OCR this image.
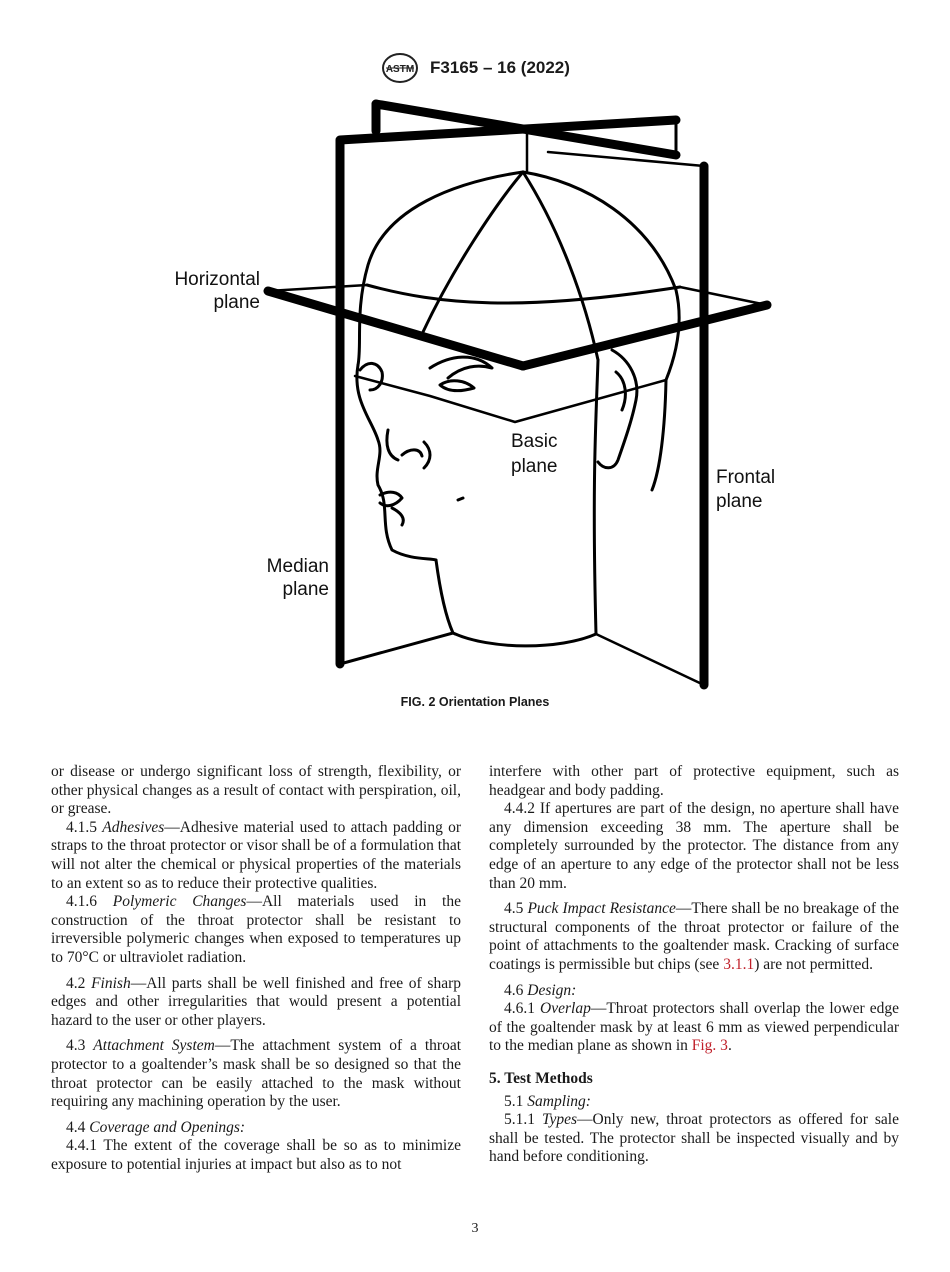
ASTM F3165 – 16 (2022)
Horizontal
plane
Basic
plane
Frontal
plane
Median
plane
FIG. 2 Orientation Planes

or disease or undergo significant loss of strength, flexibility, or other physical changes as a result of contact with perspiration, oil, or grease.

4.1.5 Adhesives—Adhesive material used to attach padding or straps to the throat protector or visor shall be of a formulation that will not alter the chemical or physical properties of the materials to an extent so as to reduce their protective qualities.

4.1.6 Polymeric Changes—All materials used in the construction of the throat protector shall be resistant to irreversible polymeric changes when exposed to temperatures up to 70°C or ultraviolet radiation.

4.2 Finish—All parts shall be well finished and free of sharp edges and other irregularities that would present a potential hazard to the user or other players.

4.3 Attachment System—The attachment system of a throat protector to a goaltender’s mask shall be so designed so that the throat protector can be easily attached to the mask without requiring any machining operation by the user.

4.4 Coverage and Openings:

4.4.1 The extent of the coverage shall be so as to minimize exposure to potential injuries at impact but also as to not

interfere with other part of protective equipment, such as headgear and body padding.

4.4.2 If apertures are part of the design, no aperture shall have any dimension exceeding 38 mm. The aperture shall be completely surrounded by the protector. The distance from any edge of an aperture to any edge of the protector shall not be less than 20 mm.

4.5 Puck Impact Resistance—There shall be no breakage of the structural components of the throat protector or failure of the point of attachments to the goaltender mask. Cracking of surface coatings is permissible but chips (see 3.1.1) are not permitted.

4.6 Design:

4.6.1 Overlap—Throat protectors shall overlap the lower edge of the goaltender mask by at least 6 mm as viewed perpendicular to the median plane as shown in Fig. 3.

5. Test Methods

5.1 Sampling:

5.1.1 Types—Only new, throat protectors as offered for sale shall be tested. The protector shall be inspected visually and by hand before conditioning.

3
